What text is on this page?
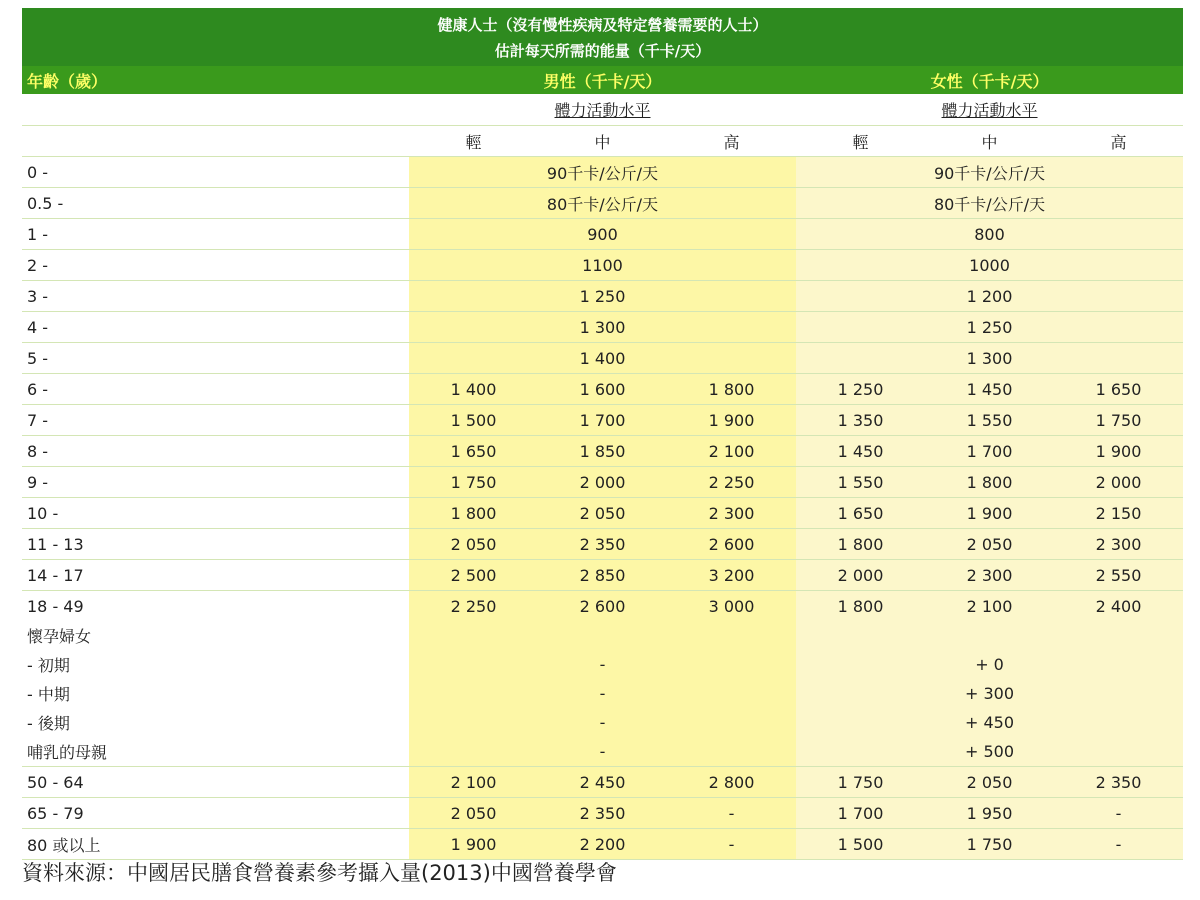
健康人士（沒有慢性疾病及特定營養需要的人士）
估計每天所需的能量（千卡/天）
年齡（歲）	男性（千卡/天）			女性（千卡/天）		
	體力活動水平			體力活動水平		
	輕	中	高	輕	中	高
0 -	90千卡/公斤/天			90千卡/公斤/天		
0.5 -	80千卡/公斤/天			80千卡/公斤/天		
1 -	900			800		
2 -	1100			1000		
3 -	1 250			1 200		
4 -	1 300			1 250		
5 -	1 400			1 300		
6 -	1 400	1 600	1 800	1 250	1 450	1 650
7 -	1 500	1 700	1 900	1 350	1 550	1 750
8 -	1 650	1 850	2 100	1 450	1 700	1 900
9 -	1 750	2 000	2 250	1 550	1 800	2 000
10 -	1 800	2 050	2 300	1 650	1 900	2 150
11 - 13	2 050	2 350	2 600	1 800	2 050	2 300
14 - 17	2 500	2 850	3 200	2 000	2 300	2 550
18 - 49	2 250	2 600	3 000	1 800	2 100	2 400
懷孕婦女						
- 初期	-			+ 0		
- 中期	-			+ 300		
- 後期	-			+ 450		
哺乳的母親	-			+ 500		
50 - 64	2 100	2 450	2 800	1 750	2 050	2 350
65 - 79	2 050	2 350	-	1 700	1 950	-
80 或以上	1 900	2 200	-	1 500	1 750	-
資料來源：中國居民膳食營養素參考攝入量(2013)中國營養學會
